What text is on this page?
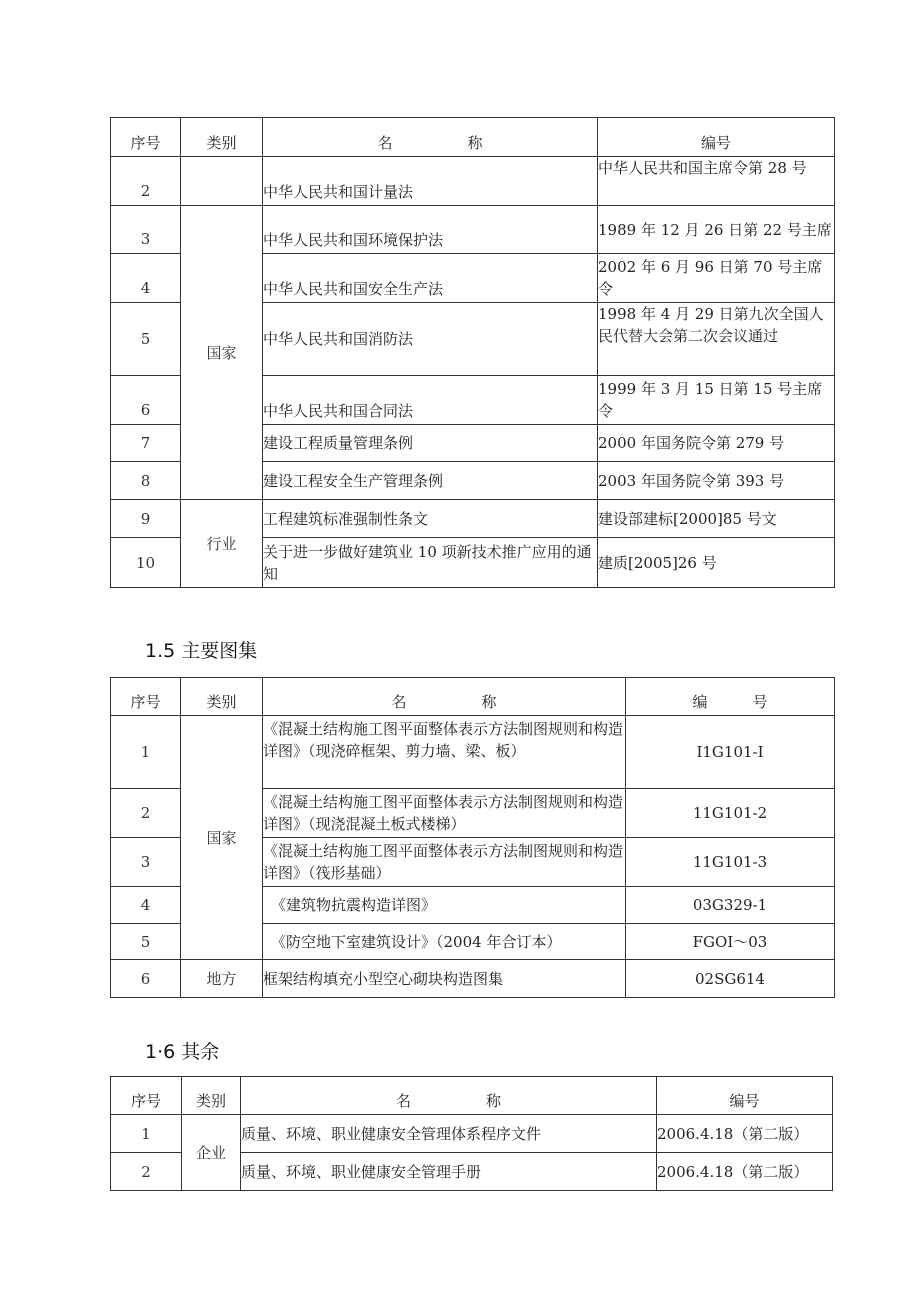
序号	类别	名　　　　　称	编号
2		中华人民共和国计量法	中华人民共和国主席令第 28 号
3	国家	中华人民共和国环境保护法	1989 年 12 月 26 日第 22 号主席
4		中华人民共和国安全生产法	2002 年 6 月 96 日第 70 号主席令
5		中华人民共和国消防法	1998 年 4 月 29 日第九次全国人民代替大会第二次会议通过
6		中华人民共和国合同法	1999 年 3 月 15 日第 15 号主席令
7		建设工程质量管理条例	2000 年国务院令第 279 号
8		建设工程安全生产管理条例	2003 年国务院令第 393 号
9	行业	工程建筑标准强制性条文	建设部建标[2000]85 号文
10		关于进一步做好建筑业 10 项新技术推广应用的通知	建质[2005]26 号
1.5 主要图集
序号	类别	名　　　　　称	编　　　号
1	国家	《混凝土结构施工图平面整体表示方法制图规则和构造详图》（现浇碎框架、剪力墙、梁、板）	I1G101-I
2		《混凝土结构施工图平面整体表示方法制图规则和构造详图》（现浇混凝土板式楼梯）	11G101-2
3		《混凝土结构施工图平面整体表示方法制图规则和构造详图》（筏形基础）	11G101-3
4		《建筑物抗震构造详图》	03G329-1
5		《防空地下室建筑设计》（2004 年合订本）	FGOI～03
6	地方	框架结构填充小型空心砌块构造图集	02SG614
1·6 其余
序号	类别	名　　　　　称	编号
1	企业	质量、环境、职业健康安全管理体系程序文件	2006.4.18（第二版）
2		质量、环境、职业健康安全管理手册	2006.4.18（第二版）
